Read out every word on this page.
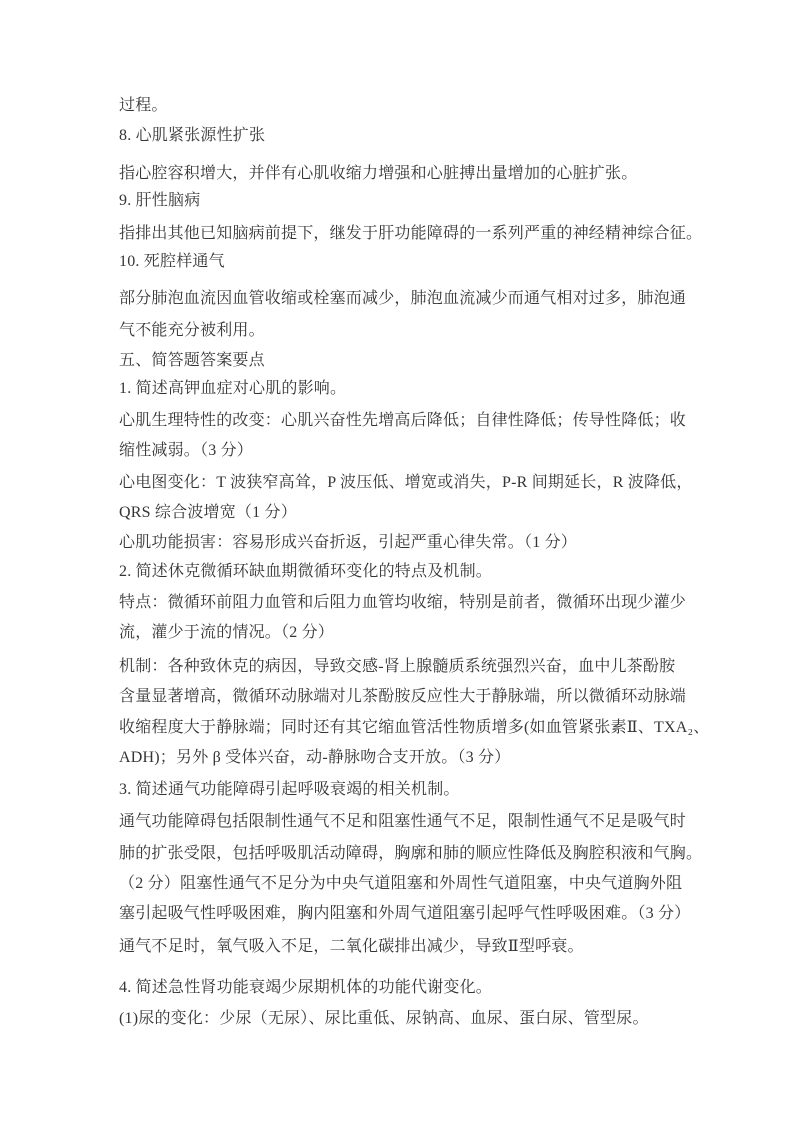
过程。
8. 心肌紧张源性扩张
指心腔容积增大，并伴有心肌收缩力增强和心脏搏出量增加的心脏扩张。
9. 肝性脑病
指排出其他已知脑病前提下，继发于肝功能障碍的一系列严重的神经精神综合征。
10. 死腔样通气
部分肺泡血流因血管收缩或栓塞而减少，肺泡血流减少而通气相对过多，肺泡通
气不能充分被利用。
五、简答题答案要点
1. 简述高钾血症对心肌的影响。
心肌生理特性的改变：心肌兴奋性先增高后降低；自律性降低；传导性降低；收
缩性减弱。（3 分）
心电图变化：T 波狭窄高耸，P 波压低、增宽或消失，P-R 间期延长，R 波降低，
QRS 综合波增宽（1 分）
心肌功能损害：容易形成兴奋折返，引起严重心律失常。（1 分）
2. 简述休克微循环缺血期微循环变化的特点及机制。
特点：微循环前阻力血管和后阻力血管均收缩，特别是前者，微循环出现少灌少
流，灌少于流的情况。（2 分）
机制：各种致休克的病因，导致交感-肾上腺髓质系统强烈兴奋，血中儿茶酚胺
含量显著增高，微循环动脉端对儿茶酚胺反应性大于静脉端，所以微循环动脉端
收缩程度大于静脉端；同时还有其它缩血管活性物质增多(如血管紧张素Ⅱ、TXA₂、
ADH)；另外 β 受体兴奋，动-静脉吻合支开放。（3 分）
3. 简述通气功能障碍引起呼吸衰竭的相关机制。
通气功能障碍包括限制性通气不足和阻塞性通气不足，限制性通气不足是吸气时
肺的扩张受限，包括呼吸肌活动障碍，胸廓和肺的顺应性降低及胸腔积液和气胸。
（2 分）阻塞性通气不足分为中央气道阻塞和外周性气道阻塞，中央气道胸外阻
塞引起吸气性呼吸困难，胸内阻塞和外周气道阻塞引起呼气性呼吸困难。（3 分）
通气不足时，氧气吸入不足，二氧化碳排出减少，导致Ⅱ型呼衰。
4. 简述急性肾功能衰竭少尿期机体的功能代谢变化。
(1)尿的变化：少尿（无尿）、尿比重低、尿钠高、血尿、蛋白尿、管型尿。
